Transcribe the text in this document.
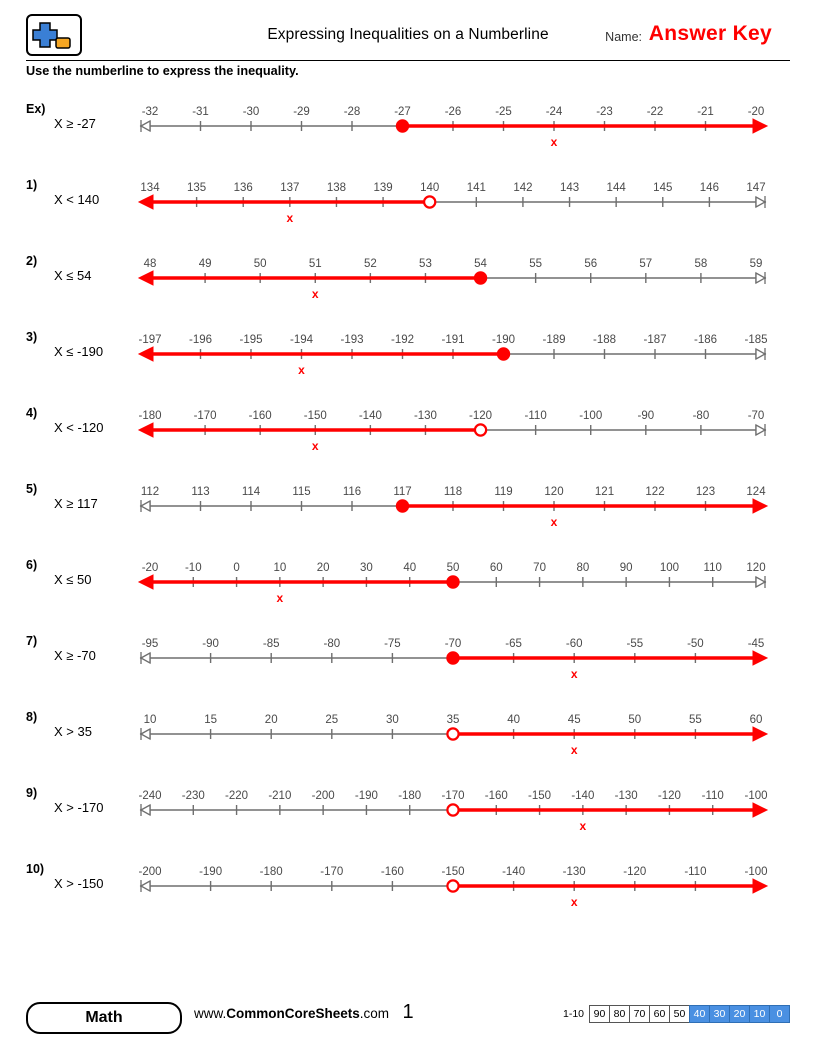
Expressing Inequalities on a Numberline	Name: Answer Key
Use the numberline to express the inequality.
Ex)
X ≥ -27
-32	-31	-30	-29	-28	-27	-26	-25	-24	-23	-22	-21	-20
x
1)
X < 140
134 135 136 137 138 139 140 141 142 143 144 145 146 147
x
2)
X ≤ 54
48	49	50	51	52	53	54	55	56	57	58	59
x
3)
X ≤ -190
-197 -196 -195 -194 -193 -192 -191 -190 -189 -188 -187 -186 -185
x
4)
X < -120
-180	-170	-160	-150	-140	-130	-120	-110	-100	-90	-80	-70
x
5)
X ≥ 117
112	113	114	115	116	117	118	119	120	121	122	123	124
x
6)
X ≤ 50
-20 -10	0	10	20	30	40	50	60	70	80	90 100 110 120
x
7)
X ≥ -70
-95	-90	-85	-80	-75	-70	-65	-60	-55	-50	-45
x
8)
X > 35
10	15	20	25	30	35	40	45	50	55	60
x
9)
X > -170
-240 -230 -220 -210 -200 -190 -180 -170 -160 -150 -140 -130 -120 -110 -100
x
10)
X > -150
-200	-190	-180	-170	-160	-150	-140	-130	-120	-110	-100
x
Math	www.CommonCoreSheets.com 1	1-10 90 80 70 60 50 40 30 20 10	0
